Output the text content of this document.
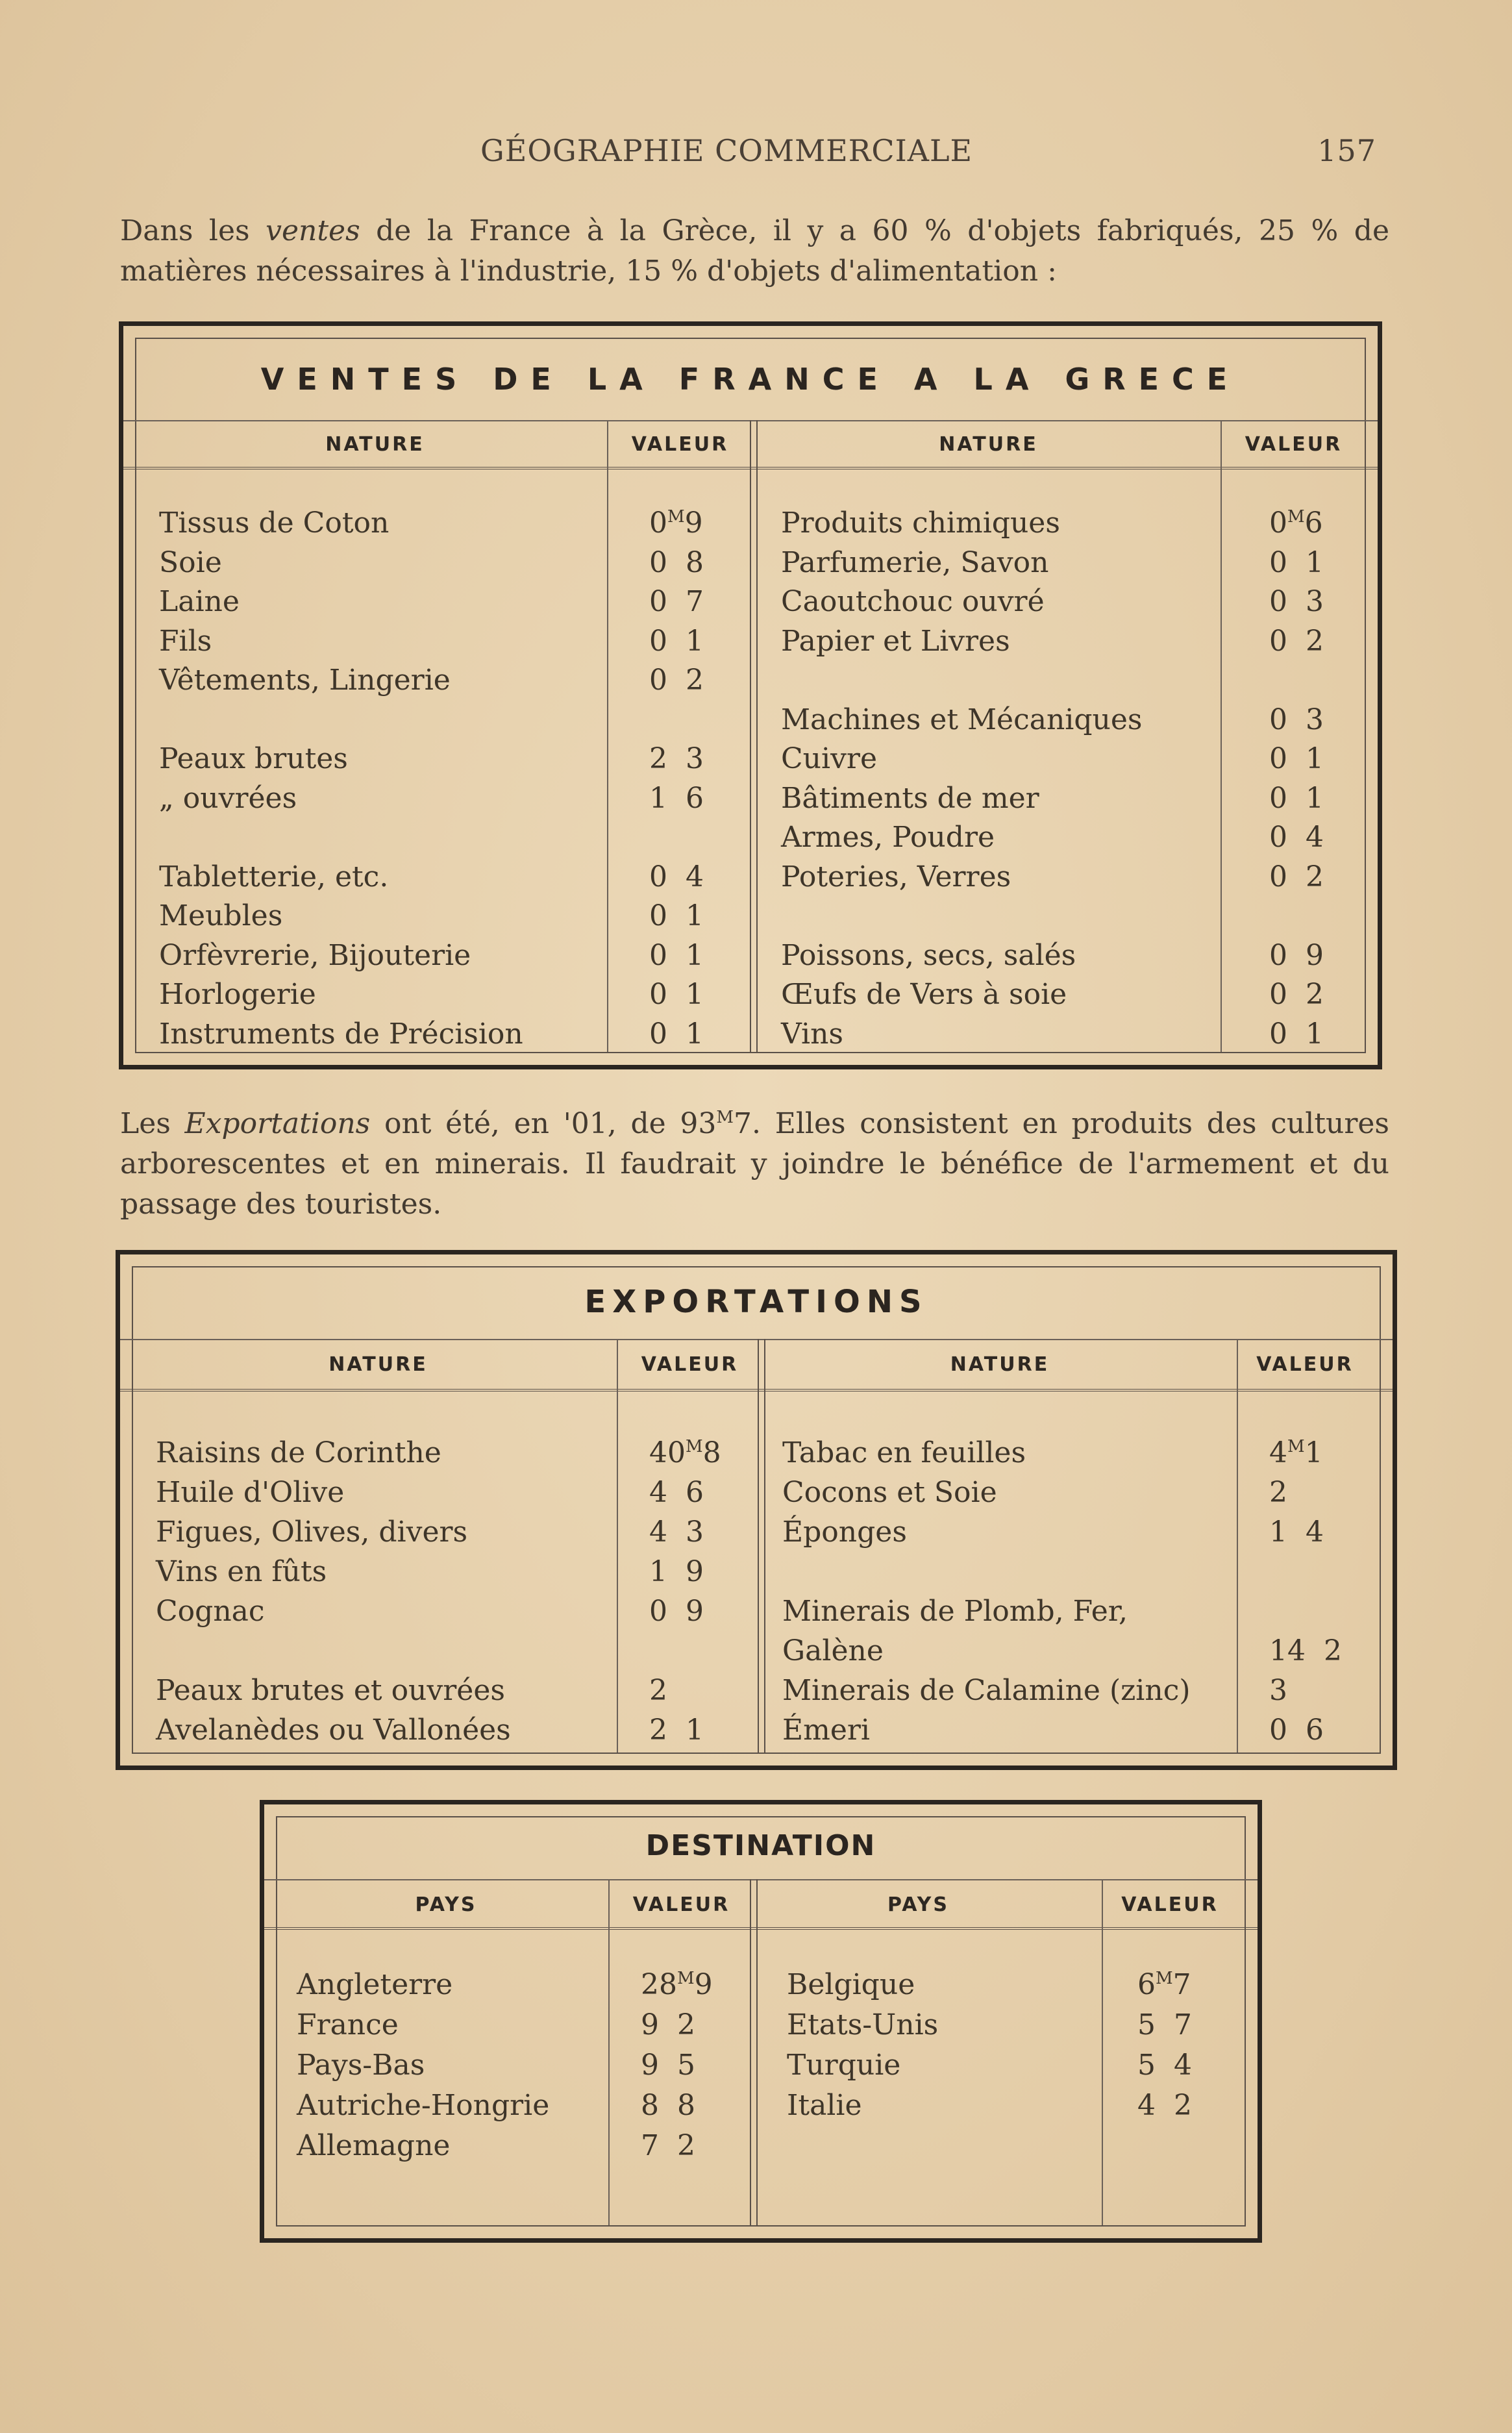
GÉOGRAPHIE COMMERCIALE	157
Dans les ventes de la France à la Grèce, il y a 60 % d'objets fabriqués, 25 % de matières nécessaires à l'industrie, 15 % d'objets d'alimentation :
VENTES DE LA FRANCE A LA GRECE
NATURE	VALEUR	NATURE	VALEUR
Tissus de Coton	$0^M9$
Soie	0 8
Laine	0 7
Fils	0 1
Vêtements, Lingerie	0 2
Peaux brutes	2 3
„ ouvrées	1 6
Tabletterie, etc.	0 4
Meubles	0 1
Orfèvrerie, Bijouterie	0 1
Horlogerie	0 1
Instruments de Précision	0 1
Produits chimiques	$0^M6$
Parfumerie, Savon	0 1
Caoutchouc ouvré	0 3
Papier et Livres	0 2
Machines et Mécaniques	0 3
Cuivre	0 1
Bâtiments de mer	0 1
Armes, Poudre	0 4
Poteries, Verres	0 2
Poissons, secs, salés	0 9
Œufs de Vers à soie	0 2
Vins	0 1
Les Exportations ont été, en '01, de $93^M7$. Elles consistent en produits des cultures arborescentes et en minerais. Il faudrait y joindre le bénéfice de l'armement et du passage des touristes.
EXPORTATIONS
NATURE	VALEUR	NATURE	VALEUR
Raisins de Corinthe	$40^M8$
Huile d'Olive	4 6
Figues, Olives, divers	4 3
Vins en fûts	1 9
Cognac	0 9
Peaux brutes et ouvrées	2
Avelanèdes ou Vallonées	2 1
Tabac en feuilles	$4^M1$
Cocons et Soie	2
Éponges	1 4
Minerais de Plomb, Fer,
Galène	14 2
Minerais de Calamine (zinc)	3
Émeri	0 6
DESTINATION
PAYS	VALEUR	PAYS	VALEUR
Angleterre	$28^M9$
France	9 2
Pays-Bas	9 5
Autriche-Hongrie	8 8
Allemagne	7 2
Belgique	$6^M7$
Etats-Unis	5 7
Turquie	5 4
Italie	4 2
